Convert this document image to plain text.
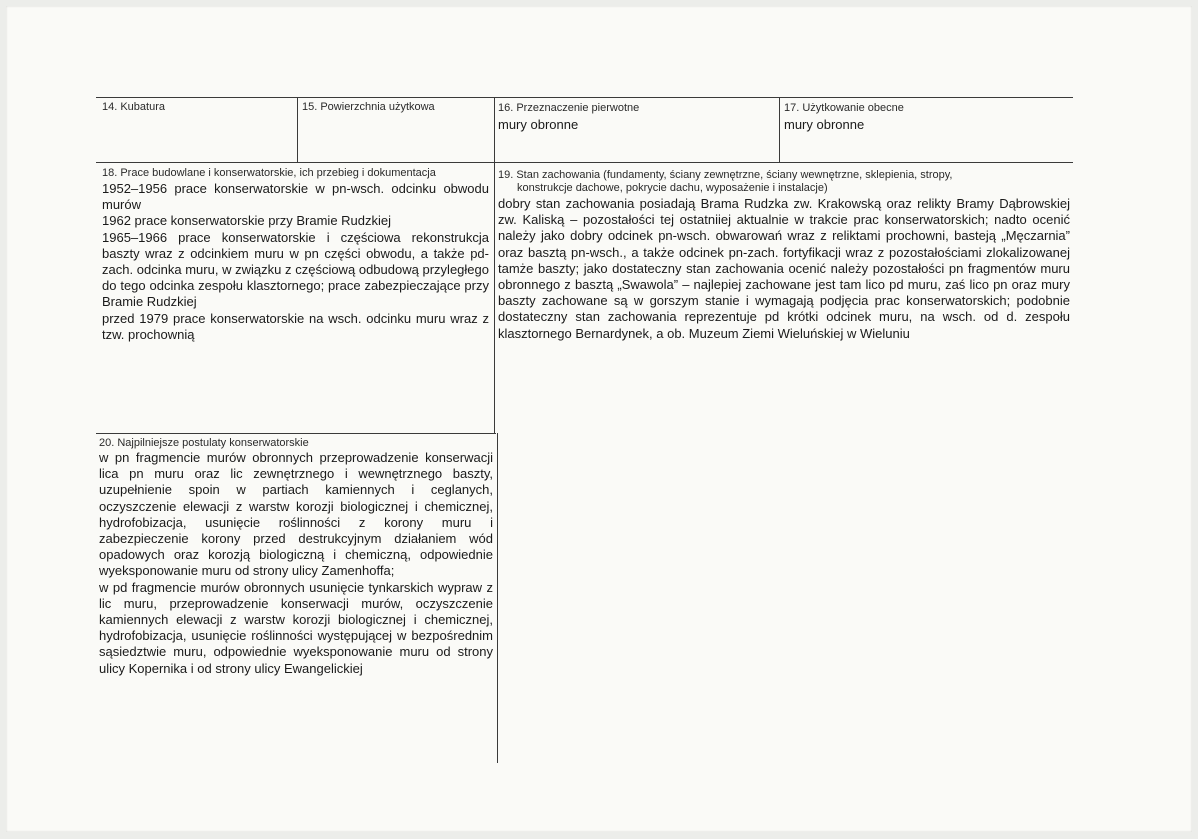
14. Kubatura	15. Powierzchnia użytkowa	16. Przeznaczenie pierwotne
mury obronne
17. Użytkowanie obecne
mury obronne
18. Prace budowlane i konserwatorskie, ich przebieg i dokumentacja

1952–1956 prace konserwatorskie w pn-wsch. odcinku obwodu murów

1962 prace konserwatorskie przy Bramie Rudzkiej

1965–1966 prace konserwatorskie i częściowa rekonstrukcja baszty wraz z odcinkiem muru w pn części obwodu, a także pd-zach. odcinka muru, w związku z częściową odbudową przyległego do tego odcinka zespołu klasztornego; prace zabezpieczające przy Bramie Rudzkiej

przed 1979 prace konserwatorskie na wsch. odcinku muru wraz z tzw. prochownią

19. Stan zachowania (fundamenty, ściany zewnętrzne, ściany wewnętrzne, sklepienia, stropy,
konstrukcje dachowe, pokrycie dachu, wyposażenie i instalacje)

dobry stan zachowania posiadają Brama Rudzka zw. Krakowską oraz relikty Bramy Dąbrowskiej zw. Kaliską – pozostałości tej ostatniiej aktualnie w trakcie prac konserwatorskich; nadto ocenić należy jako dobry odcinek pn-wsch. obwarowań wraz z reliktami prochowni, basteją „Męczarnia” oraz basztą pn-wsch., a także odcinek pn-zach. fortyfikacji wraz z pozostałościami zlokalizowanej tamże baszty; jako dostateczny stan zachowania ocenić należy pozostałości pn fragmentów muru obronnego z basztą „Swawola” – najlepiej zachowane jest tam lico pd muru, zaś lico pn oraz mury baszty zachowane są w gorszym stanie i wymagają podjęcia prac konserwatorskich; podobnie dostateczny stan zachowania reprezentuje pd krótki odcinek muru, na wsch. od d. zespołu klasztornego Bernardynek, a ob. Muzeum Ziemi Wieluńskiej w Wieluniu

20. Najpilniejsze postulaty konserwatorskie

w pn fragmencie murów obronnych przeprowadzenie konserwacji lica pn muru oraz lic zewnętrznego i wewnętrznego baszty, uzupełnienie spoin w partiach kamiennych i ceglanych, oczyszczenie elewacji z warstw korozji biologicznej i chemicznej, hydrofobizacja, usunięcie roślinności z korony muru i zabezpieczenie korony przed destrukcyjnym działaniem wód opadowych oraz korozją biologiczną i chemiczną, odpowiednie wyeksponowanie muru od strony ulicy Zamenhoffa;

w pd fragmencie murów obronnych usunięcie tynkarskich wypraw z lic muru, przeprowadzenie konserwacji murów, oczyszczenie kamiennych elewacji z warstw korozji biologicznej i chemicznej, hydrofobizacja, usunięcie roślinności występującej w bezpośrednim sąsiedztwie muru, odpowiednie wyeksponowanie muru od strony ulicy Kopernika i od strony ulicy Ewangelickiej
